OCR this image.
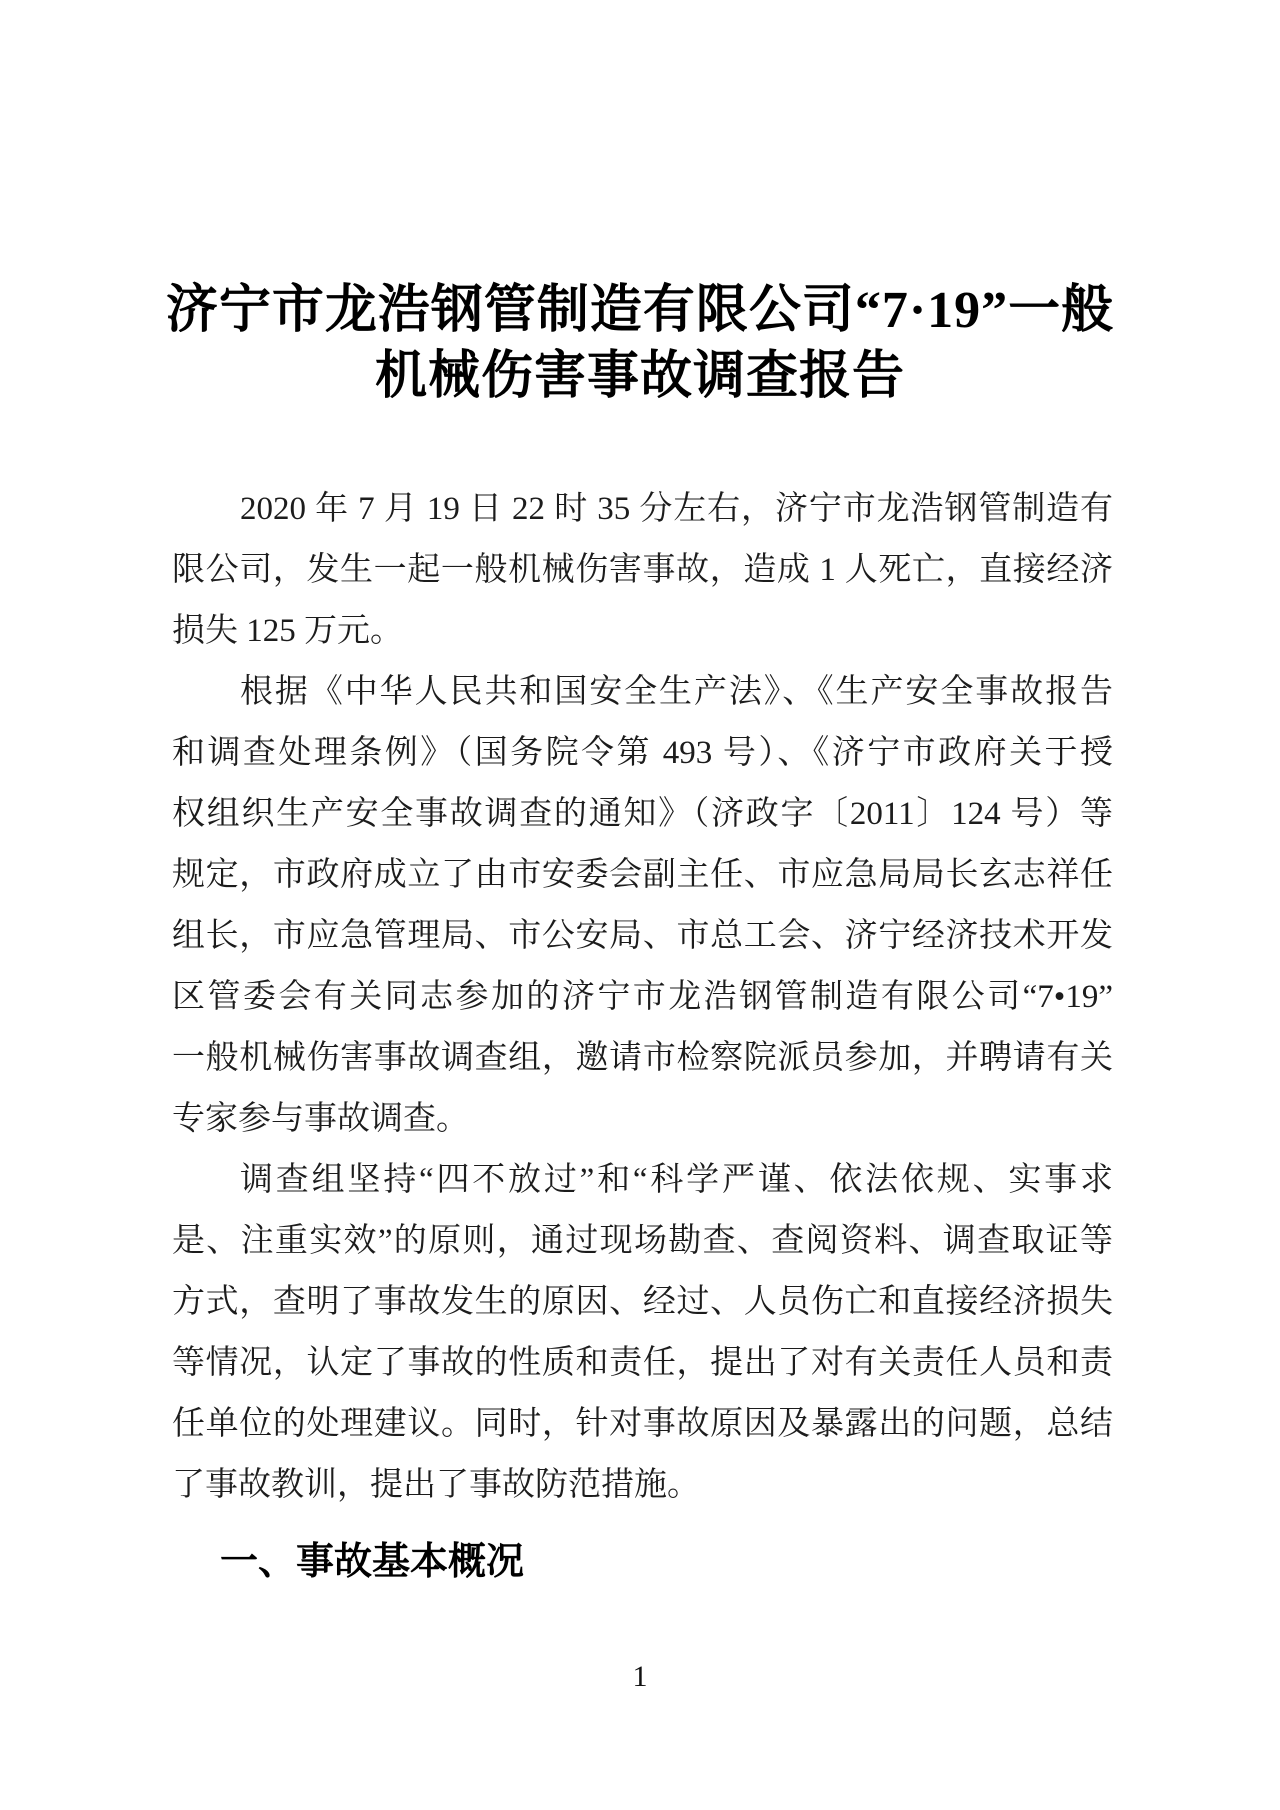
济宁市龙浩钢管制造有限公司“7·19”一般
机械伤害事故调查报告
2020 年 7 月 19 日 22 时 35 分左右，济宁市龙浩钢管制造有
限公司，发生一起一般机械伤害事故，造成 1 人死亡，直接经济
损失 125 万元。
根据《中华人民共和国安全生产法》、《生产安全事故报告
和调查处理条例》（国务院令第 493 号）、《济宁市政府关于授
权组织生产安全事故调查的通知》（济政字〔2011〕124 号）等
规定，市政府成立了由市安委会副主任、市应急局局长玄志祥任
组长，市应急管理局、市公安局、市总工会、济宁经济技术开发
区管委会有关同志参加的济宁市龙浩钢管制造有限公司“7•19”
一般机械伤害事故调查组，邀请市检察院派员参加，并聘请有关
专家参与事故调查。
调查组坚持“四不放过”和“科学严谨、依法依规、实事求
是、注重实效”的原则，通过现场勘查、查阅资料、调查取证等
方式，查明了事故发生的原因、经过、人员伤亡和直接经济损失
等情况，认定了事故的性质和责任，提出了对有关责任人员和责
任单位的处理建议。同时，针对事故原因及暴露出的问题，总结
了事故教训，提出了事故防范措施。
一、事故基本概况
1
